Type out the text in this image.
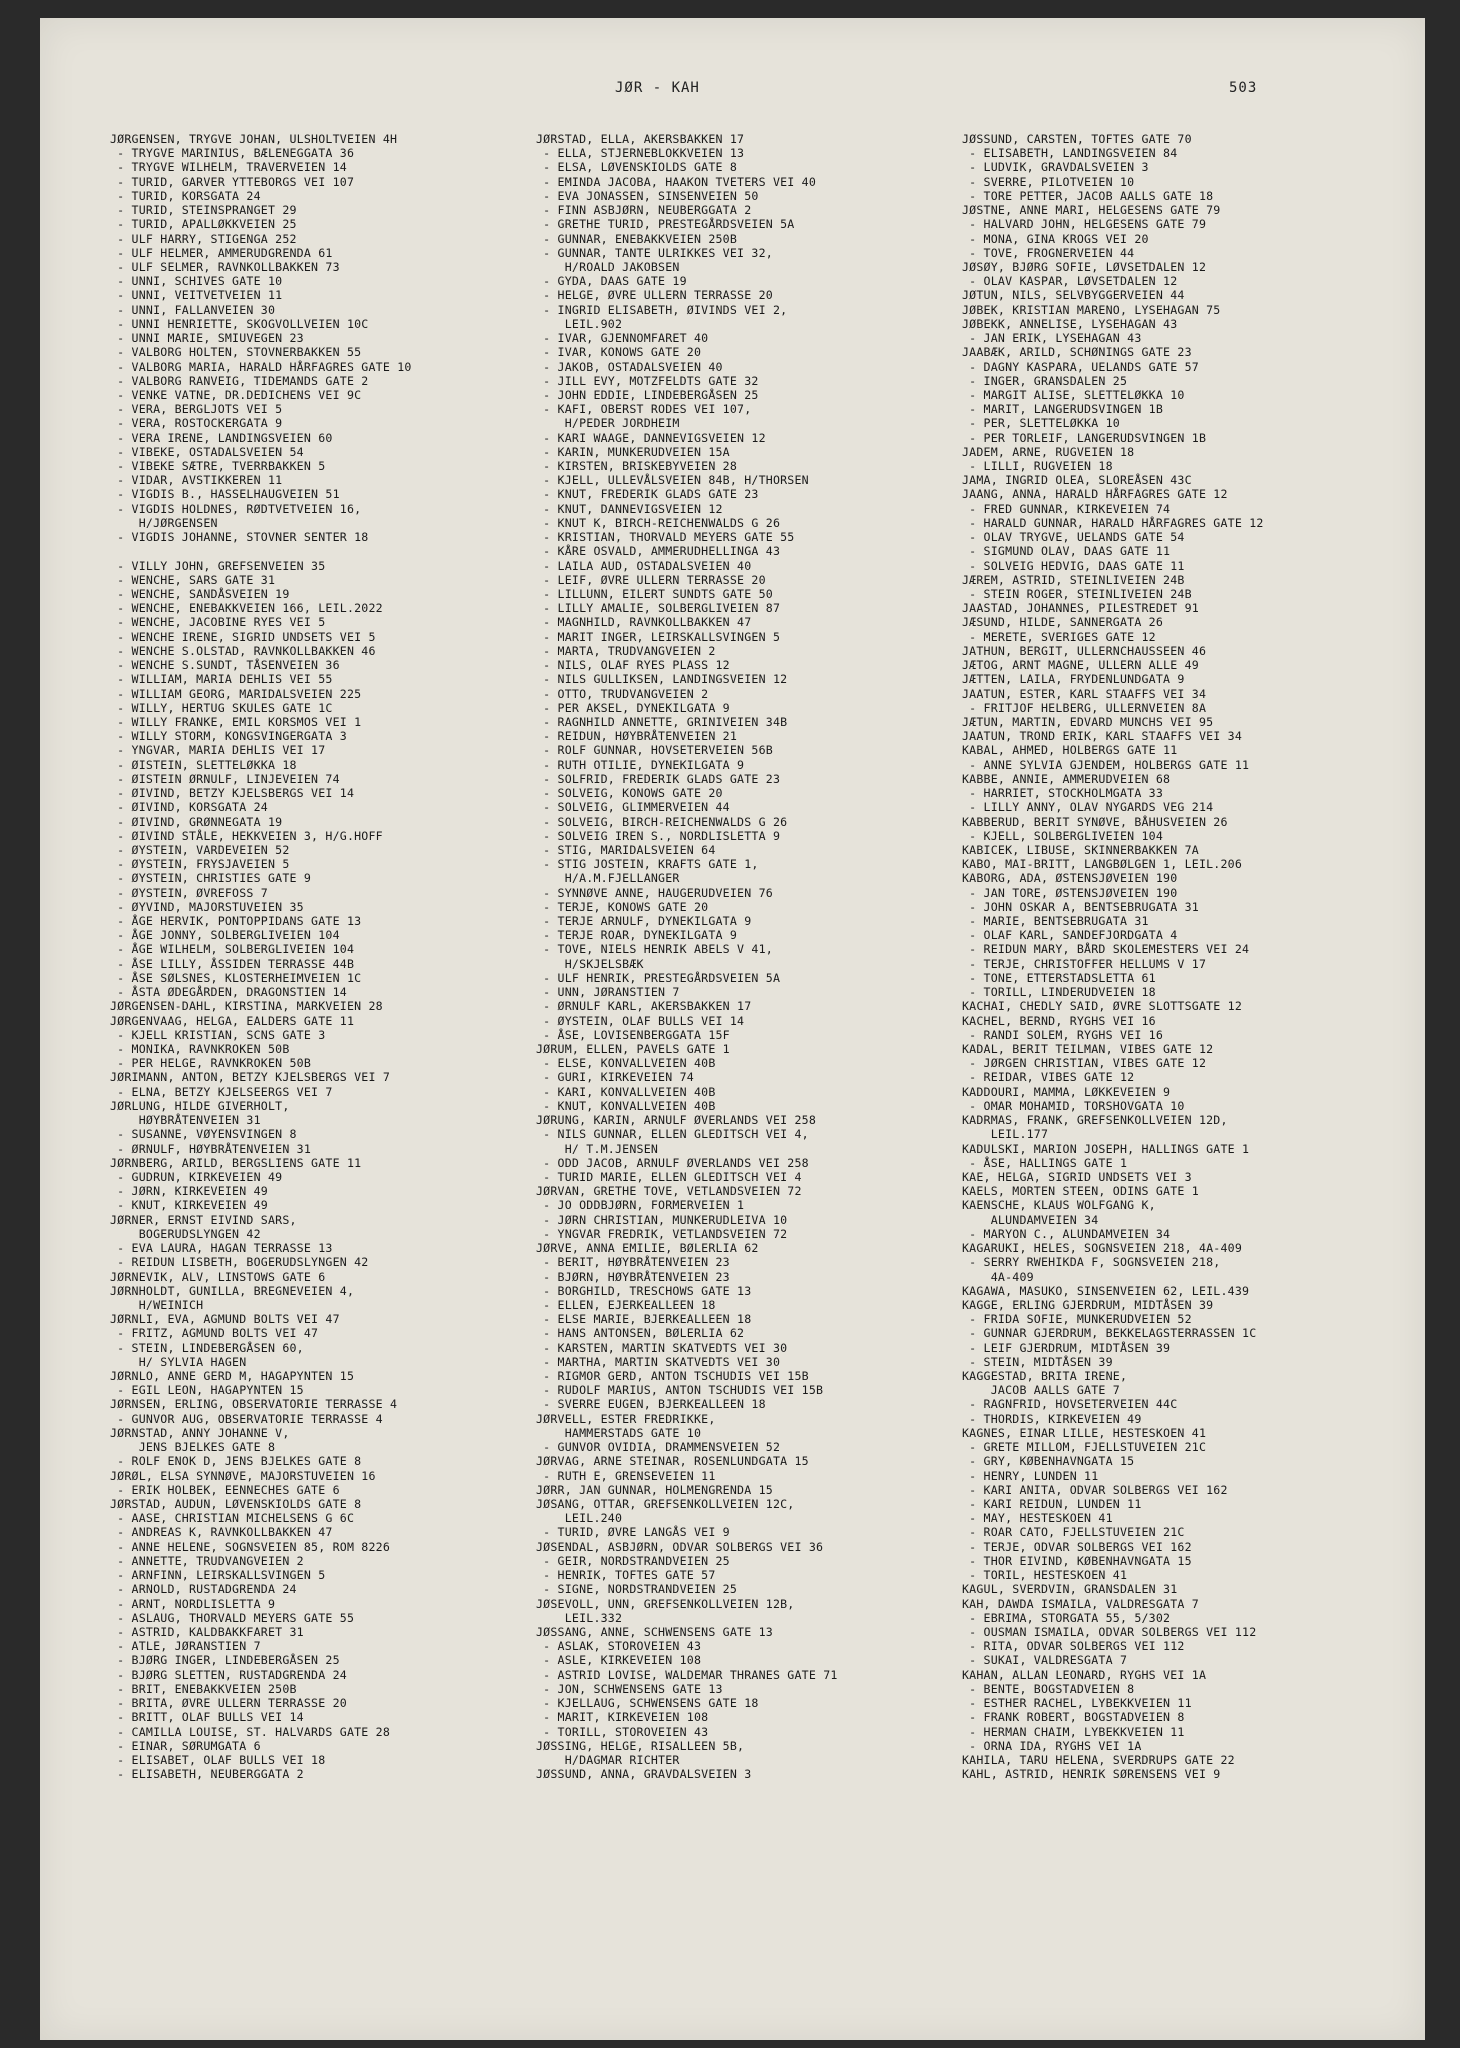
JØR - KAH	503
JØRGENSEN, TRYGVE JOHAN, ULSHOLTVEIEN 4H
- TRYGVE MARINIUS, BÆLENEGGATA 36
- TRYGVE WILHELM, TRAVERVEIEN 14
- TURID, GARVER YTTEBORGS VEI 107
- TURID, KORSGATA 24
- TURID, STEINSPRANGET 29
- TURID, APALLØKKVEIEN 25
- ULF HARRY, STIGENGA 252
- ULF HELMER, AMMERUDGRENDA 61
- ULF SELMER, RAVNKOLLBAKKEN 73
- UNNI, SCHIVES GATE 10
- UNNI, VEITVETVEIEN 11
- UNNI, FALLANVEIEN 30
- UNNI HENRIETTE, SKOGVOLLVEIEN 10C
- UNNI MARIE, SMIUVEGEN 23
- VALBORG HOLTEN, STOVNERBAKKEN 55
- VALBORG MARIA, HARALD HÅRFAGRES GATE 10
- VALBORG RANVEIG, TIDEMANDS GATE 2
- VENKE VATNE, DR.DEDICHENS VEI 9C
- VERA, BERGLJOTS VEI 5
- VERA, ROSTOCKERGATA 9
- VERA IRENE, LANDINGSVEIEN 60
- VIBEKE, OSTADALSVEIEN 54
- VIBEKE SÆTRE, TVERRBAKKEN 5
- VIDAR, AVSTIKKEREN 11
- VIGDIS B., HASSELHAUGVEIEN 51
- VIGDIS HOLDNES, RØDTVETVEIEN 16,
H/JØRGENSEN
- VIGDIS JOHANNE, STOVNER SENTER 18
- VILLY JOHN, GREFSENVEIEN 35
- WENCHE, SARS GATE 31
- WENCHE, SANDÅSVEIEN 19
- WENCHE, ENEBAKKVEIEN 166, LEIL.2022
- WENCHE, JACOBINE RYES VEI 5
- WENCHE IRENE, SIGRID UNDSETS VEI 5
- WENCHE S.OLSTAD, RAVNKOLLBAKKEN 46
- WENCHE S.SUNDT, TÅSENVEIEN 36
- WILLIAM, MARIA DEHLIS VEI 55
- WILLIAM GEORG, MARIDALSVEIEN 225
- WILLY, HERTUG SKULES GATE 1C
- WILLY FRANKE, EMIL KORSMOS VEI 1
- WILLY STORM, KONGSVINGERGATA 3
- YNGVAR, MARIA DEHLIS VEI 17
- ØISTEIN, SLETTELØKKA 18
- ØISTEIN ØRNULF, LINJEVEIEN 74
- ØIVIND, BETZY KJELSBERGS VEI 14
- ØIVIND, KORSGATA 24
- ØIVIND, GRØNNEGATA 19
- ØIVIND STÅLE, HEKKVEIEN 3, H/G.HOFF
- ØYSTEIN, VARDEVEIEN 52
- ØYSTEIN, FRYSJAVEIEN 5
- ØYSTEIN, CHRISTIES GATE 9
- ØYSTEIN, ØVREFOSS 7
- ØYVIND, MAJORSTUVEIEN 35
- ÅGE HERVIK, PONTOPPIDANS GATE 13
- ÅGE JONNY, SOLBERGLIVEIEN 104
- ÅGE WILHELM, SOLBERGLIVEIEN 104
- ÅSE LILLY, ÅSSIDEN TERRASSE 44B
- ÅSE SØLSNES, KLOSTERHEIMVEIEN 1C
- ÅSTA ØDEGÅRDEN, DRAGONSTIEN 14
JØRGENSEN-DAHL, KIRSTINA, MARKVEIEN 28
JØRGENVAAG, HELGA, EALDERS GATE 11
- KJELL KRISTIAN, SCNS GATE 3
- MONIKA, RAVNKROKEN 50B
- PER HELGE, RAVNKROKEN 50B
JØRIMANN, ANTON, BETZY KJELSBERGS VEI 7
- ELNA, BETZY KJELSEERGS VEI 7
JØRLUNG, HILDE GIVERHOLT,
HØYBRÅTENVEIEN 31
- SUSANNE, VØYENSVINGEN 8
- ØRNULF, HØYBRÅTENVEIEN 31
JØRNBERG, ARILD, BERGSLIENS GATE 11
- GUDRUN, KIRKEVEIEN 49
- JØRN, KIRKEVEIEN 49
- KNUT, KIRKEVEIEN 49
JØRNER, ERNST EIVIND SARS,
BOGERUDSLYNGEN 42
- EVA LAURA, HAGAN TERRASSE 13
- REIDUN LISBETH, BOGERUDSLYNGEN 42
JØRNEVIK, ALV, LINSTOWS GATE 6
JØRNHOLDT, GUNILLA, BREGNEVEIEN 4,
H/WEINICH
JØRNLI, EVA, AGMUND BOLTS VEI 47
- FRITZ, AGMUND BOLTS VEI 47
- STEIN, LINDEBERGÅSEN 60,
H/ SYLVIA HAGEN
JØRNLO, ANNE GERD M, HAGAPYNTEN 15
- EGIL LEON, HAGAPYNTEN 15
JØRNSEN, ERLING, OBSERVATORIE TERRASSE 4
- GUNVOR AUG, OBSERVATORIE TERRASSE 4
JØRNSTAD, ANNY JOHANNE V,
JENS BJELKES GATE 8
- ROLF ENOK D, JENS BJELKES GATE 8
JØRØL, ELSA SYNNØVE, MAJORSTUVEIEN 16
- ERIK HOLBEK, EENNECHES GATE 6
JØRSTAD, AUDUN, LØVENSKIOLDS GATE 8
- AASE, CHRISTIAN MICHELSENS G 6C
- ANDREAS K, RAVNKOLLBAKKEN 47
- ANNE HELENE, SOGNSVEIEN 85, ROM 8226
- ANNETTE, TRUDVANGVEIEN 2
- ARNFINN, LEIRSKALLSVINGEN 5
- ARNOLD, RUSTADGRENDA 24
- ARNT, NORDLISLETTA 9
- ASLAUG, THORVALD MEYERS GATE 55
- ASTRID, KALDBAKKFARET 31
- ATLE, JØRANSTIEN 7
- BJØRG INGER, LINDEBERGÅSEN 25
- BJØRG SLETTEN, RUSTADGRENDA 24
- BRIT, ENEBAKKVEIEN 250B
- BRITA, ØVRE ULLERN TERRASSE 20
- BRITT, OLAF BULLS VEI 14
- CAMILLA LOUISE, ST. HALVARDS GATE 28
- EINAR, SØRUMGATA 6
- ELISABET, OLAF BULLS VEI 18
- ELISABETH, NEUBERGGATA 2
JØRSTAD, ELLA, AKERSBAKKEN 17
- ELLA, STJERNEBLOKKVEIEN 13
- ELSA, LØVENSKIOLDS GATE 8
- EMINDA JACOBA, HAAKON TVETERS VEI 40
- EVA JONASSEN, SINSENVEIEN 50
- FINN ASBJØRN, NEUBERGGATA 2
- GRETHE TURID, PRESTEGÅRDSVEIEN 5A
- GUNNAR, ENEBAKKVEIEN 250B
- GUNNAR, TANTE ULRIKKES VEI 32,
H/ROALD JAKOBSEN
- GYDA, DAAS GATE 19
- HELGE, ØVRE ULLERN TERRASSE 20
- INGRID ELISABETH, ØIVINDS VEI 2,
LEIL.902
- IVAR, GJENNOMFARET 40
- IVAR, KONOWS GATE 20
- JAKOB, OSTADALSVEIEN 40
- JILL EVY, MOTZFELDTS GATE 32
- JOHN EDDIE, LINDEBERGÅSEN 25
- KAFI, OBERST RODES VEI 107,
H/PEDER JORDHEIM
- KARI WAAGE, DANNEVIGSVEIEN 12
- KARIN, MUNKERUDVEIEN 15A
- KIRSTEN, BRISKEBYVEIEN 28
- KJELL, ULLEVÅLSVEIEN 84B, H/THORSEN
- KNUT, FREDERIK GLADS GATE 23
- KNUT, DANNEVIGSVEIEN 12
- KNUT K, BIRCH-REICHENWALDS G 26
- KRISTIAN, THORVALD MEYERS GATE 55
- KÅRE OSVALD, AMMERUDHELLINGA 43
- LAILA AUD, OSTADALSVEIEN 40
- LEIF, ØVRE ULLERN TERRASSE 20
- LILLUNN, EILERT SUNDTS GATE 50
- LILLY AMALIE, SOLBERGLIVEIEN 87
- MAGNHILD, RAVNKOLLBAKKEN 47
- MARIT INGER, LEIRSKALLSVINGEN 5
- MARTA, TRUDVANGVEIEN 2
- NILS, OLAF RYES PLASS 12
- NILS GULLIKSEN, LANDINGSVEIEN 12
- OTTO, TRUDVANGVEIEN 2
- PER AKSEL, DYNEKILGATA 9
- RAGNHILD ANNETTE, GRINIVEIEN 34B
- REIDUN, HØYBRÅTENVEIEN 21
- ROLF GUNNAR, HOVSETERVEIEN 56B
- RUTH OTILIE, DYNEKILGATA 9
- SOLFRID, FREDERIK GLADS GATE 23
- SOLVEIG, KONOWS GATE 20
- SOLVEIG, GLIMMERVEIEN 44
- SOLVEIG, BIRCH-REICHENWALDS G 26
- SOLVEIG IREN S., NORDLISLETTA 9
- STIG, MARIDALSVEIEN 64
- STIG JOSTEIN, KRAFTS GATE 1,
H/A.M.FJELLANGER
- SYNNØVE ANNE, HAUGERUDVEIEN 76
- TERJE, KONOWS GATE 20
- TERJE ARNULF, DYNEKILGATA 9
- TERJE ROAR, DYNEKILGATA 9
- TOVE, NIELS HENRIK ABELS V 41,
H/SKJELSBÆK
- ULF HENRIK, PRESTEGÅRDSVEIEN 5A
- UNN, JØRANSTIEN 7
- ØRNULF KARL, AKERSBAKKEN 17
- ØYSTEIN, OLAF BULLS VEI 14
- ÅSE, LOVISENBERGGATA 15F
JØRUM, ELLEN, PAVELS GATE 1
- ELSE, KONVALLVEIEN 40B
- GURI, KIRKEVEIEN 74
- KARI, KONVALLVEIEN 40B
- KNUT, KONVALLVEIEN 40B
JØRUNG, KARIN, ARNULF ØVERLANDS VEI 258
- NILS GUNNAR, ELLEN GLEDITSCH VEI 4,
H/ T.M.JENSEN
- ODD JACOB, ARNULF ØVERLANDS VEI 258
- TURID MARIE, ELLEN GLEDITSCH VEI 4
JØRVAN, GRETHE TOVE, VETLANDSVEIEN 72
- JO ODDBJØRN, FORMERVEIEN 1
- JØRN CHRISTIAN, MUNKERUDLEIVA 10
- YNGVAR FREDRIK, VETLANDSVEIEN 72
JØRVE, ANNA EMILIE, BØLERLIA 62
- BERIT, HØYBRÅTENVEIEN 23
- BJØRN, HØYBRÅTENVEIEN 23
- BORGHILD, TRESCHOWS GATE 13
- ELLEN, EJERKEALLEEN 18
- ELSE MARIE, BJERKEALLEEN 18
- HANS ANTONSEN, BØLERLIA 62
- KARSTEN, MARTIN SKATVEDTS VEI 30
- MARTHA, MARTIN SKATVEDTS VEI 30
- RIGMOR GERD, ANTON TSCHUDIS VEI 15B
- RUDOLF MARIUS, ANTON TSCHUDIS VEI 15B
- SVERRE EUGEN, BJERKEALLEEN 18
JØRVELL, ESTER FREDRIKKE,
HAMMERSTADS GATE 10
- GUNVOR OVIDIA, DRAMMENSVEIEN 52
JØRVAG, ARNE STEINAR, ROSENLUNDGATA 15
- RUTH E, GRENSEVEIEN 11
JØRR, JAN GUNNAR, HOLMENGRENDA 15
JØSANG, OTTAR, GREFSENKOLLVEIEN 12C,
LEIL.240
- TURID, ØVRE LANGÅS VEI 9
JØSENDAL, ASBJØRN, ODVAR SOLBERGS VEI 36
- GEIR, NORDSTRANDVEIEN 25
- HENRIK, TOFTES GATE 57
- SIGNE, NORDSTRANDVEIEN 25
JØSEVOLL, UNN, GREFSENKOLLVEIEN 12B,
LEIL.332
JØSSANG, ANNE, SCHWENSENS GATE 13
- ASLAK, STOROVEIEN 43
- ASLE, KIRKEVEIEN 108
- ASTRID LOVISE, WALDEMAR THRANES GATE 71
- JON, SCHWENSENS GATE 13
- KJELLAUG, SCHWENSENS GATE 18
- MARIT, KIRKEVEIEN 108
- TORILL, STOROVEIEN 43
JØSSING, HELGE, RISALLEEN 5B,
H/DAGMAR RICHTER
JØSSUND, ANNA, GRAVDALSVEIEN 3
JØSSUND, CARSTEN, TOFTES GATE 70
- ELISABETH, LANDINGSVEIEN 84
- LUDVIK, GRAVDALSVEIEN 3
- SVERRE, PILOTVEIEN 10
- TORE PETTER, JACOB AALLS GATE 18
JØSTNE, ANNE MARI, HELGESENS GATE 79
- HALVARD JOHN, HELGESENS GATE 79
- MONA, GINA KROGS VEI 20
- TOVE, FROGNERVEIEN 44
JØSØY, BJØRG SOFIE, LØVSETDALEN 12
- OLAV KASPAR, LØVSETDALEN 12
JØTUN, NILS, SELVBYGGERVEIEN 44
JØBEK, KRISTIAN MARENO, LYSEHAGAN 75
JØBEKK, ANNELISE, LYSEHAGAN 43
- JAN ERIK, LYSEHAGAN 43
JAABÆK, ARILD, SCHØNINGS GATE 23
- DAGNY KASPARA, UELANDS GATE 57
- INGER, GRANSDALEN 25
- MARGIT ALISE, SLETTELØKKA 10
- MARIT, LANGERUDSVINGEN 1B
- PER, SLETTELØKKA 10
- PER TORLEIF, LANGERUDSVINGEN 1B
JADEM, ARNE, RUGVEIEN 18
- LILLI, RUGVEIEN 18
JAMA, INGRID OLEA, SLOREÅSEN 43C
JAANG, ANNA, HARALD HÅRFAGRES GATE 12
- FRED GUNNAR, KIRKEVEIEN 74
- HARALD GUNNAR, HARALD HÅRFAGRES GATE 12
- OLAV TRYGVE, UELANDS GATE 54
- SIGMUND OLAV, DAAS GATE 11
- SOLVEIG HEDVIG, DAAS GATE 11
JÆREM, ASTRID, STEINLIVEIEN 24B
- STEIN ROGER, STEINLIVEIEN 24B
JAASTAD, JOHANNES, PILESTREDET 91
JÆSUND, HILDE, SANNERGATA 26
- MERETE, SVERIGES GATE 12
JATHUN, BERGIT, ULLERNCHAUSSEEN 46
JÆTOG, ARNT MAGNE, ULLERN ALLE 49
JÆTTEN, LAILA, FRYDENLUNDGATA 9
JAATUN, ESTER, KARL STAAFFS VEI 34
- FRITJOF HELBERG, ULLERNVEIEN 8A
JÆTUN, MARTIN, EDVARD MUNCHS VEI 95
JAATUN, TROND ERIK, KARL STAAFFS VEI 34
KABAL, AHMED, HOLBERGS GATE 11
- ANNE SYLVIA GJENDEM, HOLBERGS GATE 11
KABBE, ANNIE, AMMERUDVEIEN 68
- HARRIET, STOCKHOLMGATA 33
- LILLY ANNY, OLAV NYGARDS VEG 214
KABBERUD, BERIT SYNØVE, BÅHUSVEIEN 26
- KJELL, SOLBERGLIVEIEN 104
KABICEK, LIBUSE, SKINNERBAKKEN 7A
KABO, MAI-BRITT, LANGBØLGEN 1, LEIL.206
KABORG, ADA, ØSTENSJØVEIEN 190
- JAN TORE, ØSTENSJØVEIEN 190
- JOHN OSKAR A, BENTSEBRUGATA 31
- MARIE, BENTSEBRUGATA 31
- OLAF KARL, SANDEFJORDGATA 4
- REIDUN MARY, BÅRD SKOLEMESTERS VEI 24
- TERJE, CHRISTOFFER HELLUMS V 17
- TONE, ETTERSTADSLETTA 61
- TORILL, LINDERUDVEIEN 18
KACHAI, CHEDLY SAID, ØVRE SLOTTSGATE 12
KACHEL, BERND, RYGHS VEI 16
- RANDI SOLEM, RYGHS VEI 16
KADAL, BERIT TEILMAN, VIBES GATE 12
- JØRGEN CHRISTIAN, VIBES GATE 12
- REIDAR, VIBES GATE 12
KADDOURI, MAMMA, LØKKEVEIEN 9
- OMAR MOHAMID, TORSHOVGATA 10
KADRMAS, FRANK, GREFSENKOLLVEIEN 12D,
LEIL.177
KADULSKI, MARION JOSEPH, HALLINGS GATE 1
- ÅSE, HALLINGS GATE 1
KAE, HELGA, SIGRID UNDSETS VEI 3
KAELS, MORTEN STEEN, ODINS GATE 1
KAENSCHE, KLAUS WOLFGANG K,
ALUNDAMVEIEN 34
- MARYON C., ALUNDAMVEIEN 34
KAGARUKI, HELES, SOGNSVEIEN 218, 4A-409
- SERRY RWEHIKDA F, SOGNSVEIEN 218,
4A-409
KAGAWA, MASUKO, SINSENVEIEN 62, LEIL.439
KAGGE, ERLING GJERDRUM, MIDTÅSEN 39
- FRIDA SOFIE, MUNKERUDVEIEN 52
- GUNNAR GJERDRUM, BEKKELAGSTERRASSEN 1C
- LEIF GJERDRUM, MIDTÅSEN 39
- STEIN, MIDTÅSEN 39
KAGGESTAD, BRITA IRENE,
JACOB AALLS GATE 7
- RAGNFRID, HOVSETERVEIEN 44C
- THORDIS, KIRKEVEIEN 49
KAGNES, EINAR LILLE, HESTESKOEN 41
- GRETE MILLOM, FJELLSTUVEIEN 21C
- GRY, KØBENHAVNGATA 15
- HENRY, LUNDEN 11
- KARI ANITA, ODVAR SOLBERGS VEI 162
- KARI REIDUN, LUNDEN 11
- MAY, HESTESKOEN 41
- ROAR CATO, FJELLSTUVEIEN 21C
- TERJE, ODVAR SOLBERGS VEI 162
- THOR EIVIND, KØBENHAVNGATA 15
- TORIL, HESTESKOEN 41
KAGUL, SVERDVIN, GRANSDALEN 31
KAH, DAWDA ISMAILA, VALDRESGATA 7
- EBRIMA, STORGATA 55, 5/302
- OUSMAN ISMAILA, ODVAR SOLBERGS VEI 112
- RITA, ODVAR SOLBERGS VEI 112
- SUKAI, VALDRESGATA 7
KAHAN, ALLAN LEONARD, RYGHS VEI 1A
- BENTE, BOGSTADVEIEN 8
- ESTHER RACHEL, LYBEKKVEIEN 11
- FRANK ROBERT, BOGSTADVEIEN 8
- HERMAN CHAIM, LYBEKKVEIEN 11
- ORNA IDA, RYGHS VEI 1A
KAHILA, TARU HELENA, SVERDRUPS GATE 22
KAHL, ASTRID, HENRIK SØRENSENS VEI 9
